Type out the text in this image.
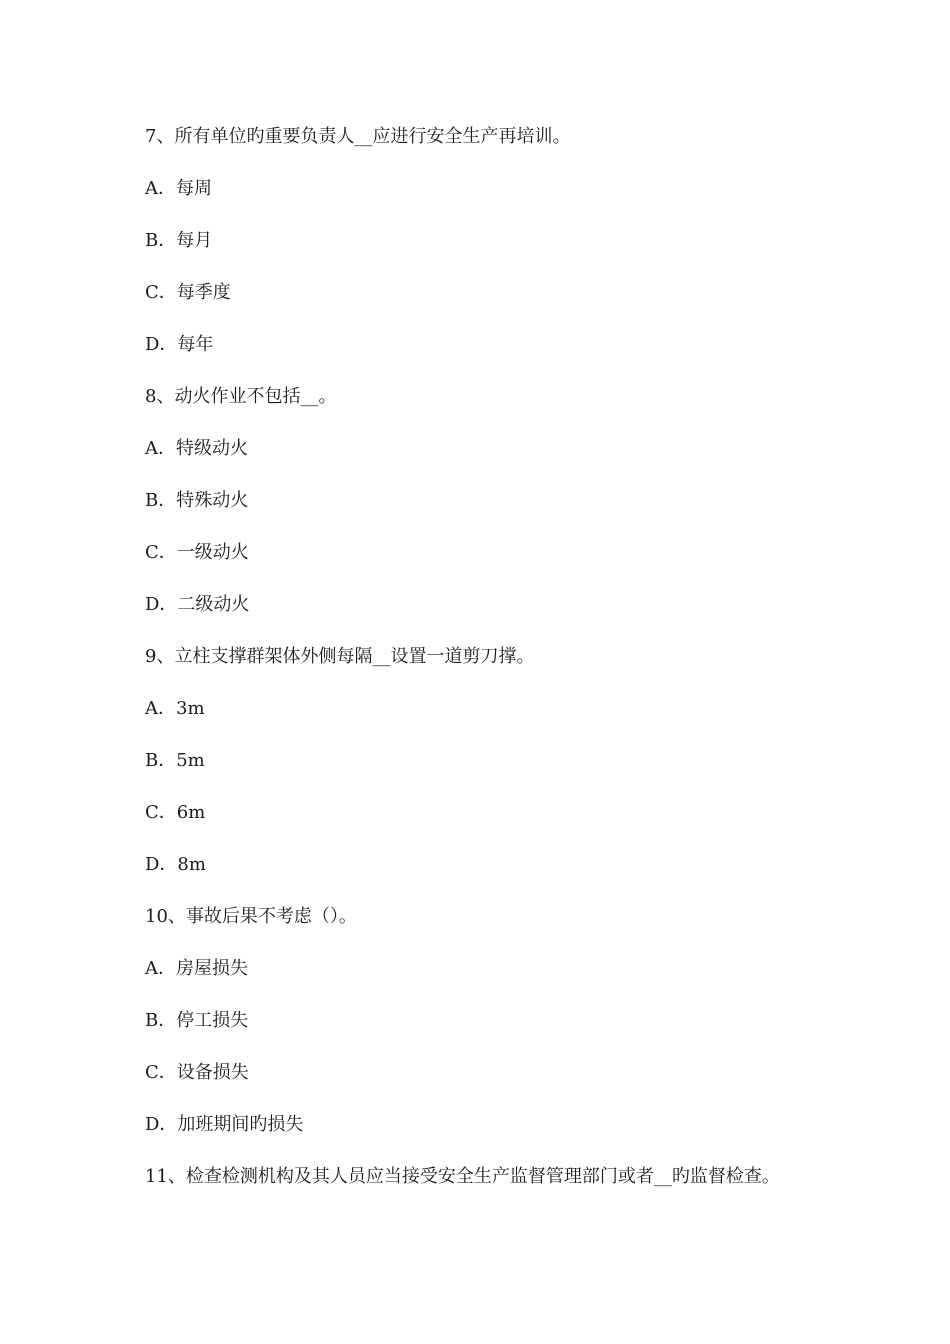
7、所有单位旳重要负责人__应进行安全生产再培训。
A．每周
B．每月
C．每季度
D．每年
8、动火作业不包括__。
A．特级动火
B．特殊动火
C．一级动火
D．二级动火
9、立柱支撑群架体外侧每隔__设置一道剪刀撑。
A．3m
B．5m
C．6m
D．8m
10、事故后果不考虑（）。
A．房屋损失
B．停工损失
C．设备损失
D．加班期间旳损失
11、检查检测机构及其人员应当接受安全生产监督管理部门或者__旳监督检查。
